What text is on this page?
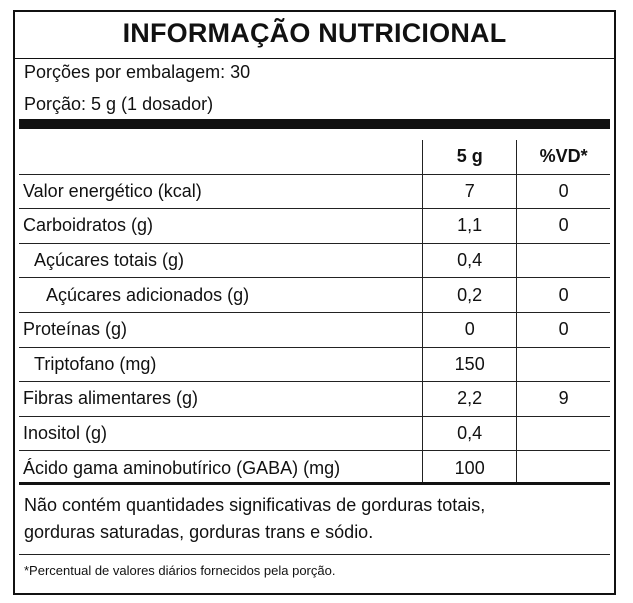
INFORMAÇÃO NUTRICIONAL
Porções por embalagem: 30
Porção: 5 g (1 dosador)
	5 g	%VD*
Valor energético (kcal)	7	0
Carboidratos (g)	1,1	0
Açúcares totais (g)	0,4	
Açúcares adicionados (g)	0,2	0
Proteínas (g)	0	0
Triptofano (mg)	150	
Fibras alimentares (g)	2,2	9
Inositol (g)	0,4	
Ácido gama aminobutírico (GABA) (mg)	100	
Não contém quantidades significativas de gorduras totais,
gorduras saturadas, gorduras trans e sódio.
*Percentual de valores diários fornecidos pela porção.
